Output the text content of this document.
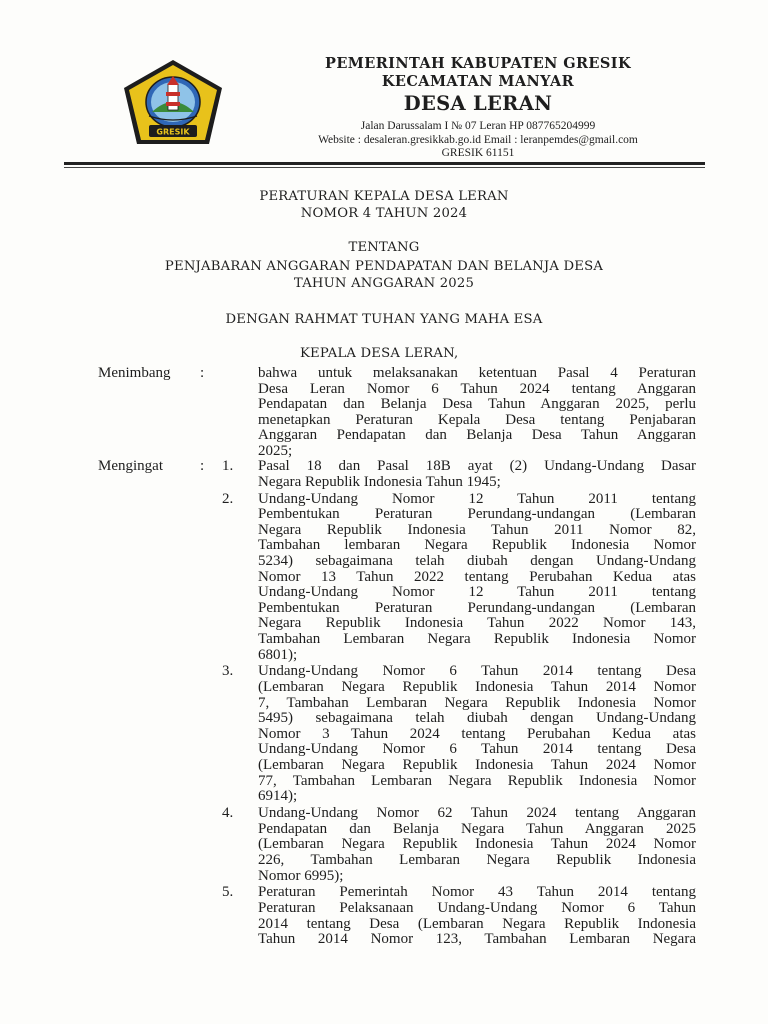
GRESIK
PEMERINTAH KABUPATEN GRESIK
KECAMATAN MANYAR
DESA LERAN
Jalan Darussalam I № 07 Leran HP 087765204999
Website : desaleran.gresikkab.go.id Email : leranpemdes@gmail.com
GRESIK 61151
PERATURAN KEPALA DESA LERAN
NOMOR 4 TAHUN 2024
TENTANG
PENJABARAN ANGGARAN PENDAPATAN DAN BELANJA DESA
TAHUN ANGGARAN 2025
DENGAN RAHMAT TUHAN YANG MAHA ESA
KEPALA DESA LERAN,
Menimbang :	bahwa untuk melaksanakan ketentuan Pasal 4 Peraturan
Desa Leran Nomor 6 Tahun 2024 tentang Anggaran
Pendapatan dan Belanja Desa Tahun Anggaran 2025, perlu
menetapkan Peraturan Kepala Desa tentang Penjabaran
Anggaran Pendapatan dan Belanja Desa Tahun Anggaran
2025;
Mengingat : 1. Pasal 18 dan Pasal 18B ayat (2) Undang-Undang Dasar
Negara Republik Indonesia Tahun 1945;
2. Undang-Undang Nomor 12 Tahun 2011 tentang
Pembentukan Peraturan Perundang-undangan (Lembaran
Negara Republik Indonesia Tahun 2011 Nomor 82,
Tambahan lembaran Negara Republik Indonesia Nomor
5234) sebagaimana telah diubah dengan Undang-Undang
Nomor 13 Tahun 2022 tentang Perubahan Kedua atas
Undang-Undang Nomor 12 Tahun 2011 tentang
Pembentukan Peraturan Perundang-undangan (Lembaran
Negara Republik Indonesia Tahun 2022 Nomor 143,
Tambahan Lembaran Negara Republik Indonesia Nomor
6801);
3. Undang-Undang Nomor 6 Tahun 2014 tentang Desa
(Lembaran Negara Republik Indonesia Tahun 2014 Nomor
7, Tambahan Lembaran Negara Republik Indonesia Nomor
5495) sebagaimana telah diubah dengan Undang-Undang
Nomor 3 Tahun 2024 tentang Perubahan Kedua atas
Undang-Undang Nomor 6 Tahun 2014 tentang Desa
(Lembaran Negara Republik Indonesia Tahun 2024 Nomor
77, Tambahan Lembaran Negara Republik Indonesia Nomor
6914);
4. Undang-Undang Nomor 62 Tahun 2024 tentang Anggaran
Pendapatan dan Belanja Negara Tahun Anggaran 2025
(Lembaran Negara Republik Indonesia Tahun 2024 Nomor
226, Tambahan Lembaran Negara Republik Indonesia
Nomor 6995);
5. Peraturan Pemerintah Nomor 43 Tahun 2014 tentang
Peraturan Pelaksanaan Undang-Undang Nomor 6 Tahun
2014 tentang Desa (Lembaran Negara Republik Indonesia
Tahun 2014 Nomor 123, Tambahan Lembaran Negara
